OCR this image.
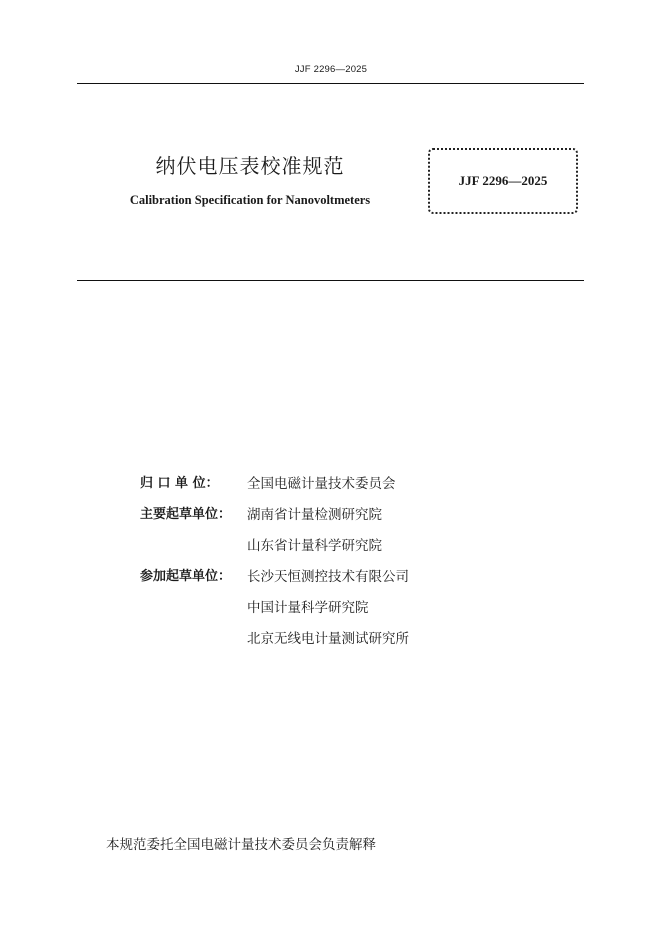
JJF 2296—2025
纳伏电压表校准规范
Calibration Specification for Nanovoltmeters
JJF 2296—2025
归 口 单 位：	全国电磁计量技术委员会
主要起草单位：	湖南省计量检测研究院
山东省计量科学研究院
参加起草单位：	长沙天恒测控技术有限公司
中国计量科学研究院
北京无线电计量测试研究所
本规范委托全国电磁计量技术委员会负责解释
